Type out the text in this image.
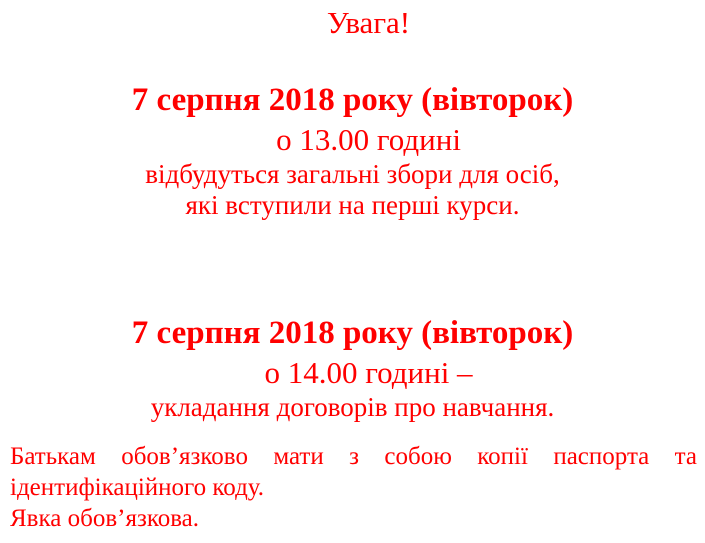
Увага!
7 серпня 2018 року (вівторок)
о 13.00 годині
відбудуться загальні збори для осіб,
які вступили на перші курси.
7 серпня 2018 року (вівторок)
о 14.00 годині –
укладання договорів про навчання.
Батькам обов’язково мати з собою копії паспорта та
ідентифікаційного коду.
Явка обов’язкова.
